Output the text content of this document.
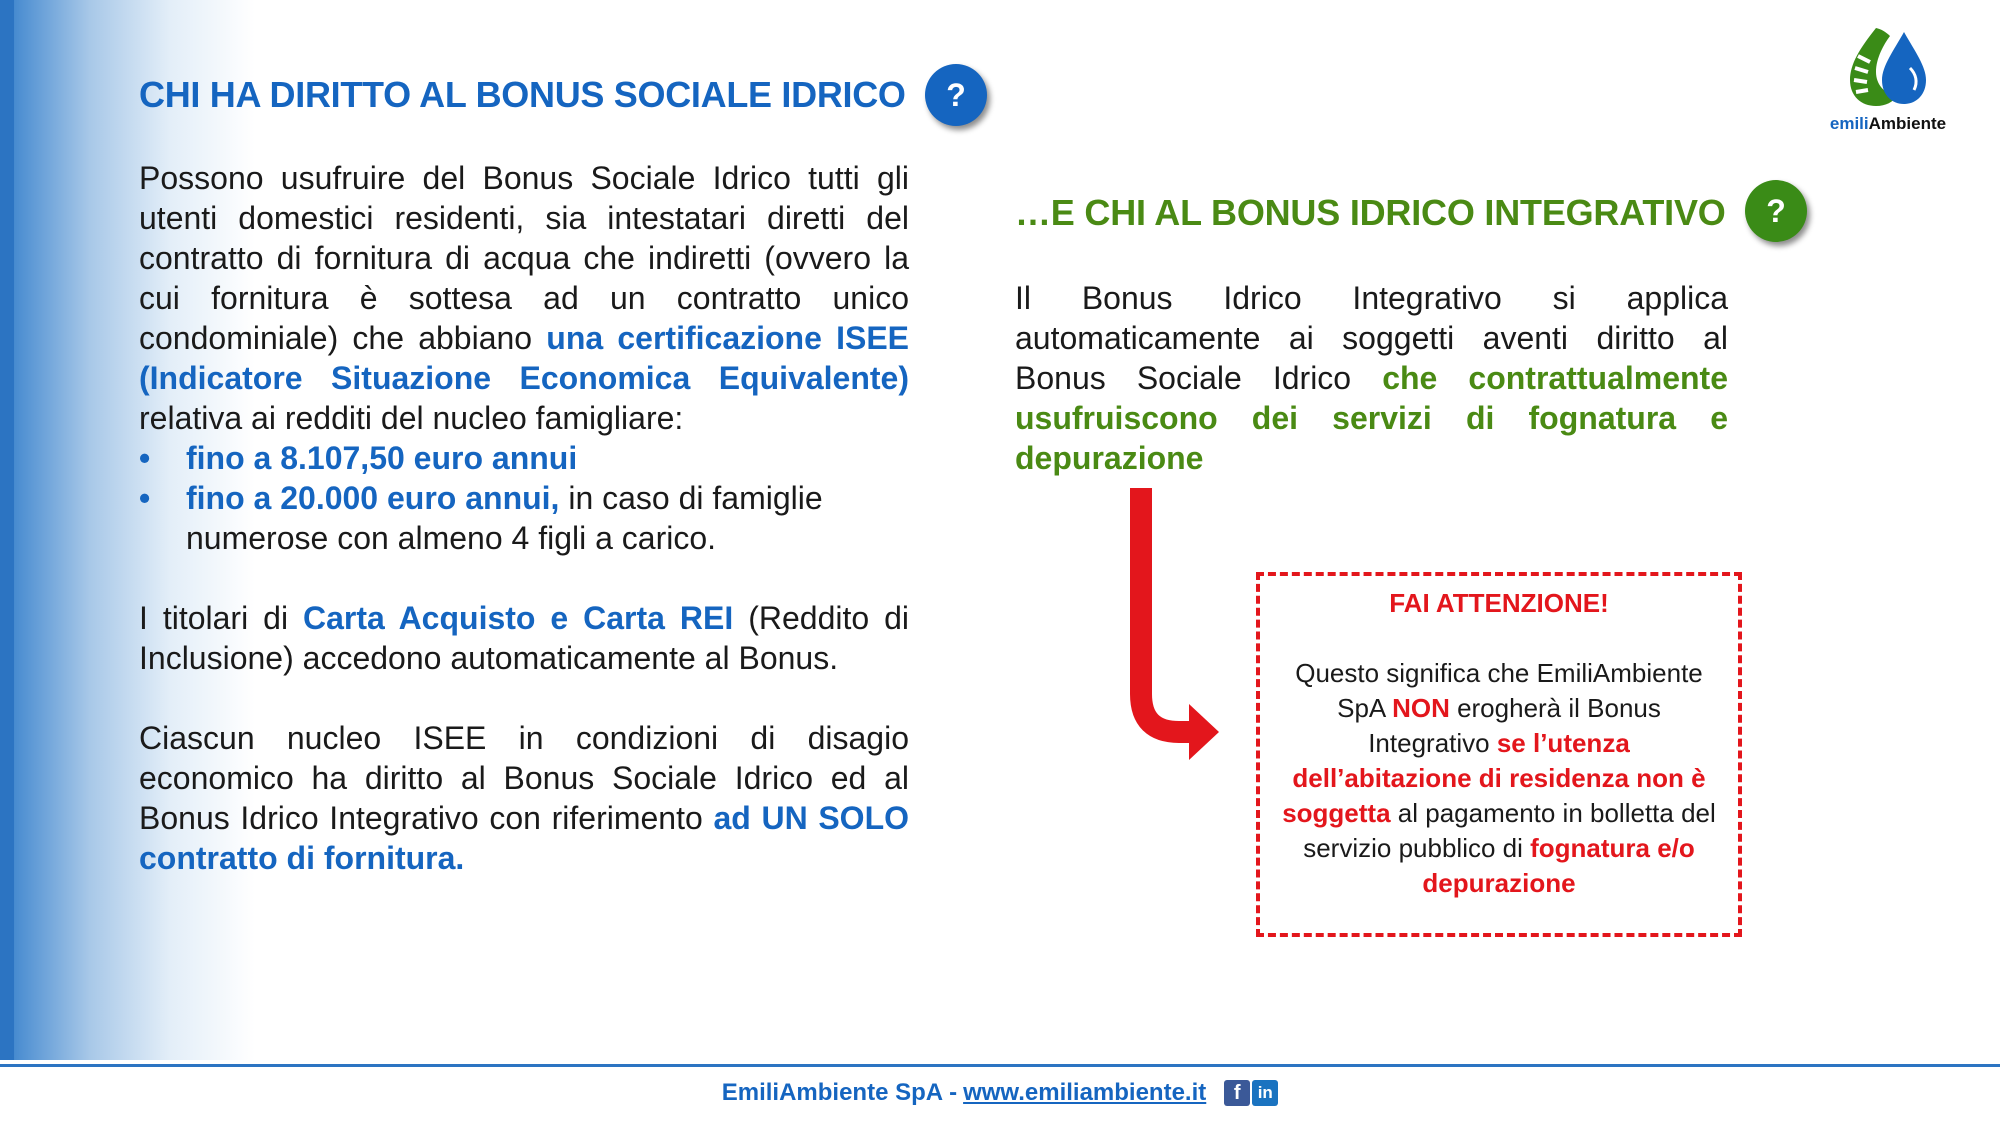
CHI HA DIRITTO AL BONUS SOCIALE IDRICO	?

Possono usufruire del Bonus Sociale Idrico tutti gli utenti domestici residenti, sia intestatari diretti del contratto di fornitura di acqua che indiretti (ovvero la cui fornitura è sottesa ad un contratto unico condominiale) che abbiano una certificazione ISEE (Indicatore Situazione Economica Equivalente) relativa ai redditi del nucleo famigliare:

• fino a 8.107,50 euro annui
• fino a 20.000 euro annui, in caso di famiglie numerose con almeno 4 figli a carico.

I titolari di Carta Acquisto e Carta REI (Reddito di Inclusione) accedono automaticamente al Bonus.

Ciascun nucleo ISEE in condizioni di disagio economico ha diritto al Bonus Sociale Idrico ed al Bonus Idrico Integrativo con riferimento ad UN SOLO contratto di fornitura.

emiliAmbiente
…E CHI AL BONUS IDRICO INTEGRATIVO	?

Il Bonus Idrico Integrativo si applica automaticamente ai soggetti aventi diritto al Bonus Sociale Idrico che contrattualmente usufruiscono dei servizi di fognatura e depurazione

FAI ATTENZIONE!

Questo significa che EmiliAmbiente SpA NON erogherà il Bonus Integrativo se l’utenza dell’abitazione di residenza non è soggetta al pagamento in bolletta del servizio pubblico di fognatura e/o depurazione

EmiliAmbiente SpA - www.emiliambiente.it	f	in
